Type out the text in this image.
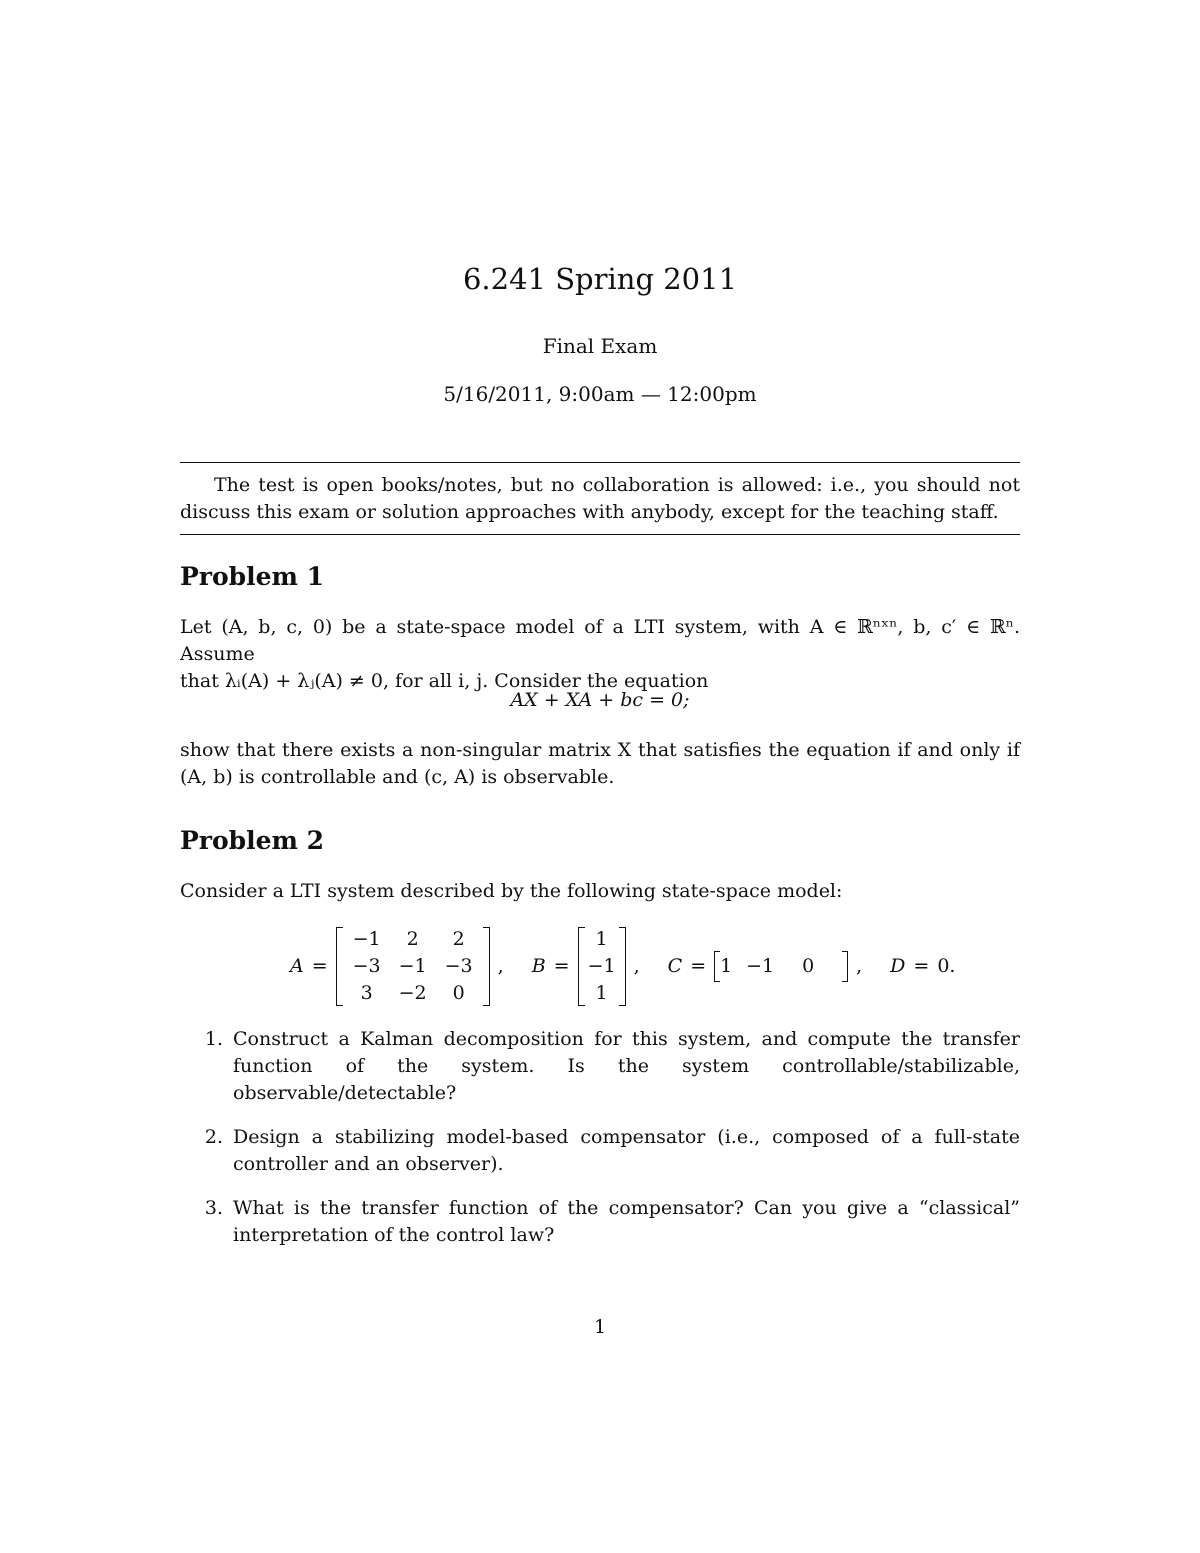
6.241 Spring 2011
Final Exam
5/16/2011, 9:00am — 12:00pm
The test is open books/notes, but no collaboration is allowed: i.e., you should not discuss this exam or solution approaches with anybody, except for the teaching staff.
Problem 1
Let (A, b, c, 0) be a state-space model of a LTI system, with A ∈ ℝⁿˣⁿ, b, c′ ∈ ℝⁿ. Assume
that λᵢ(A) + λⱼ(A) ≠ 0, for all i, j. Consider the equation
AX + XA + bc = 0;
show that there exists a non-singular matrix X that satisfies the equation if and only if (A, b) is controllable and (c, A) is observable.
Problem 2
Consider a LTI system described by the following state-space model:
A =
−1	2	2
−3 −1 −3
3	−2	0
, B =
1
−1
1
, C = 1 −1	0	, D = 0.
1. Construct a Kalman decomposition for this system, and compute the transfer function of the system. Is the system controllable/stabilizable, observable/detectable?
2. Design a stabilizing model-based compensator (i.e., composed of a full-state controller and an observer).
3. What is the transfer function of the compensator? Can you give a “classical” interpretation of the control law?
1
